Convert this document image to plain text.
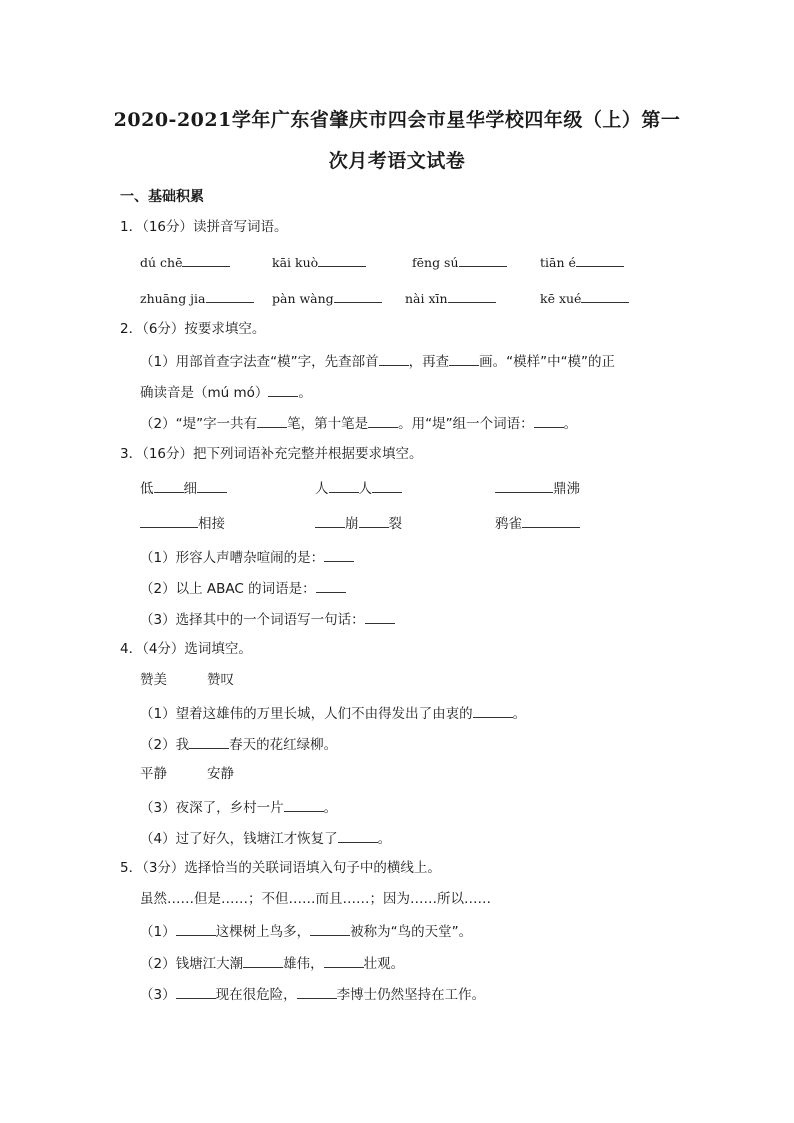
2020-2021学年广东省肇庆市四会市星华学校四年级（上）第一
次月考语文试卷
一、基础积累
1．（16分）读拼音写词语。
dú chē	kāi kuò	fēng sú	tiān é
zhuāng jia	pàn wàng	nài xīn	kē xué
2．（6分）按要求填空。
（1）用部首查字法查“模”字，先查部首 ，再查 画。“模样”中“模”的正
确读音是（mú mó） 。
（2）“堤”字一共有 笔，第十笔是 。用“堤”组一个词语： 。
3．（16分）把下列词语补充完整并根据要求填空。
低 细	人 人	鼎沸
相接	崩 裂	鸦雀
（1）形容人声嘈杂喧闹的是：
（2）以上 ABAC 的词语是：
（3）选择其中的一个词语写一句话：
4．（4分）选词填空。
赞美	赞叹
（1）望着这雄伟的万里长城，人们不由得发出了由衷的	。
（2）我	春天的花红绿柳。
平静	安静
（3）夜深了，乡村一片	。
（4）过了好久，钱塘江才恢复了	。
5．（3分）选择恰当的关联词语填入句子中的横线上。
虽然……但是……；不但……而且……；因为……所以……
（1）	这棵树上鸟多，	被称为“鸟的天堂”。
（2）钱塘江大潮	雄伟，	壮观。
（3）	现在很危险，	李博士仍然坚持在工作。
